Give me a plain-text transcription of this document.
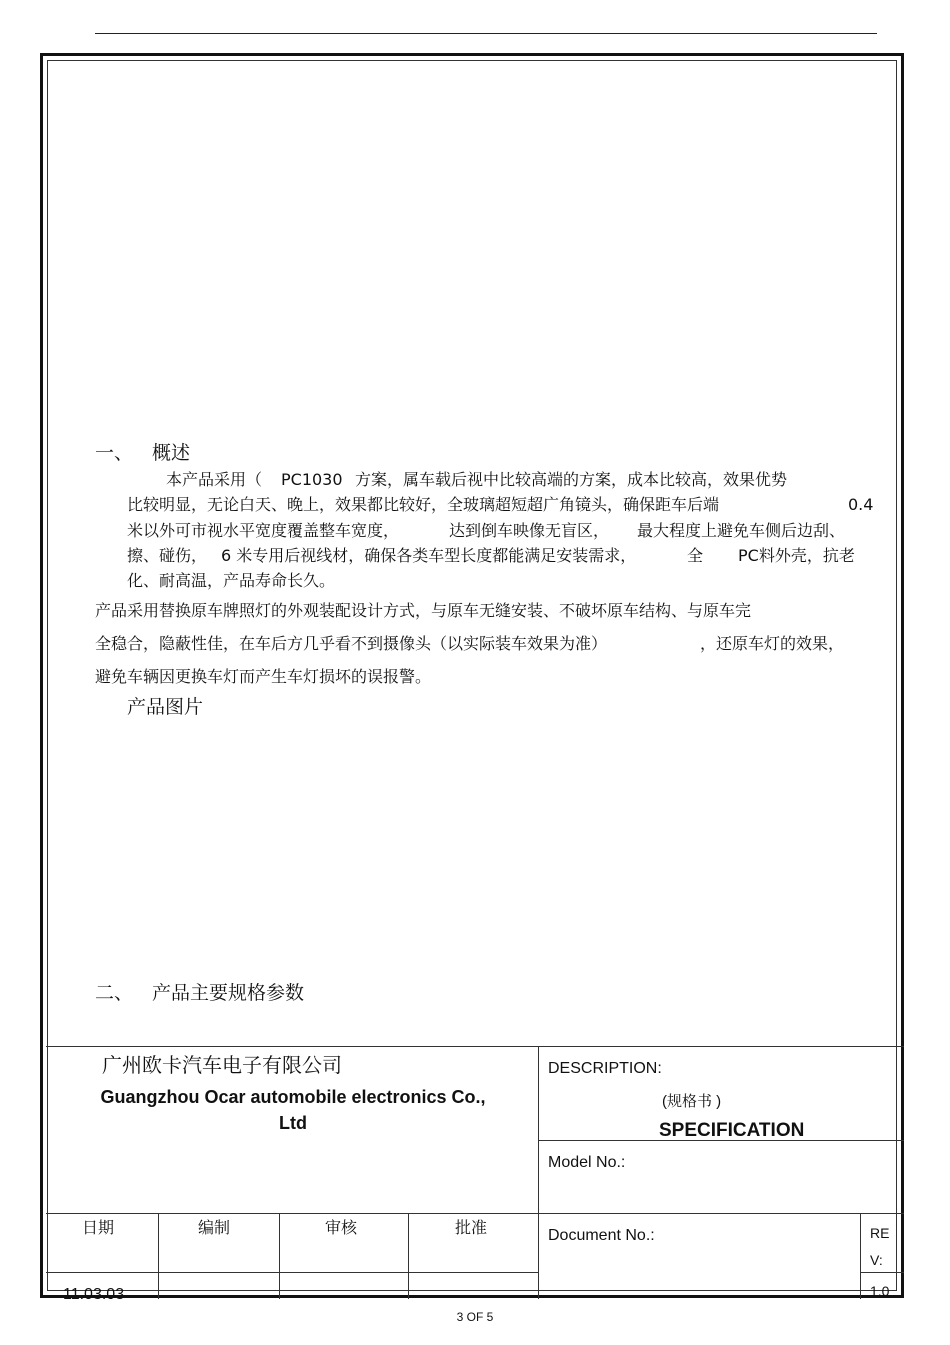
一、 概述
本产品采用（ PC1030 方案，属车载后视中比较高端的方案，成本比较高，效果优势
比较明显，无论白天、晚上，效果都比较好，全玻璃超短超广角镜头，确保距车后端	0.4
米以外可市视水平宽度覆盖整车宽度，	达到倒车映像无盲区， 最大程度上避免车侧后边刮、
擦、碰伤， 6 米专用后视线材，确保各类车型长度都能满足安装需求，	全 PC料外壳，抗老
化、耐高温，产品寿命长久。
产品采用替换原车牌照灯的外观装配设计方式，与原车无缝安装、不破坏原车结构、与原车完
全稳合，隐蔽性佳，在车后方几乎看不到摄像头（以实际装车效果为准）	，还原车灯的效果，
避免车辆因更换车灯而产生车灯损坏的误报警。
产品图片
二、 产品主要规格参数
广州欧卡汽车电子有限公司
Guangzhou Ocar automobile electronics Co.,
Ltd
DESCRIPTION:
(规格书 )
SPECIFICATION
Model No.:
日期	编制	审核	批准
11.03.03
Document No.:	RE
V:
1.0
3 OF 5
